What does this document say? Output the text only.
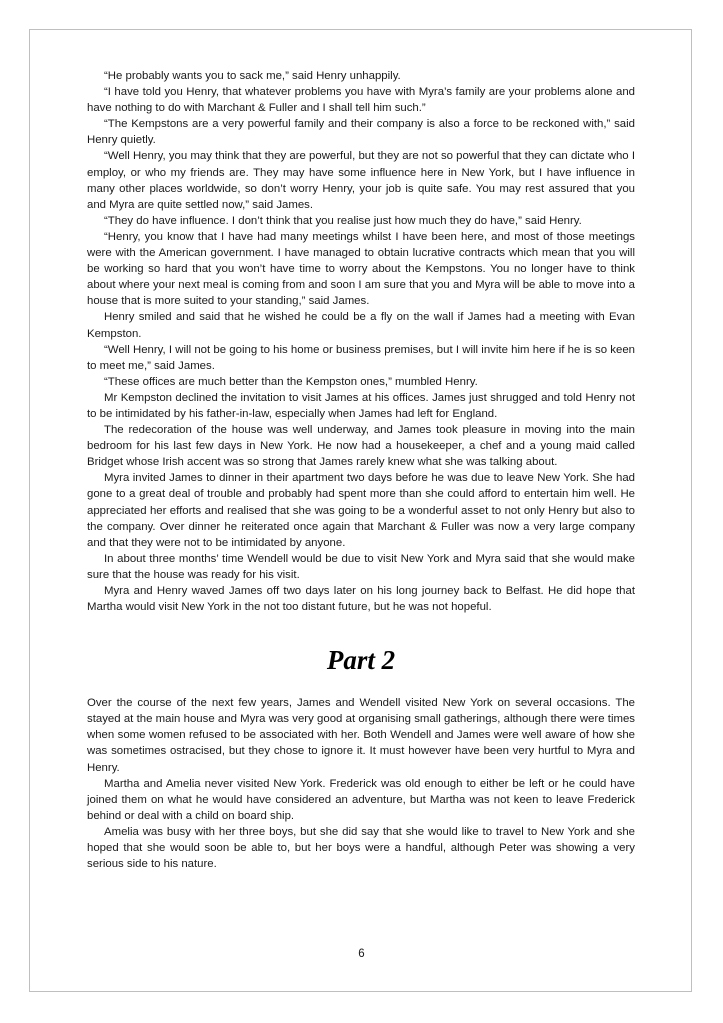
“He probably wants you to sack me,” said Henry unhappily.

“I have told you Henry, that whatever problems you have with Myra’s family are your problems alone and have nothing to do with Marchant & Fuller and I shall tell him such.”

“The Kempstons are a very powerful family and their company is also a force to be reckoned with,” said Henry quietly.

“Well Henry, you may think that they are powerful, but they are not so powerful that they can dictate who I employ, or who my friends are. They may have some influence here in New York, but I have influence in many other places worldwide, so don’t worry Henry, your job is quite safe. You may rest assured that you and Myra are quite settled now,” said James.

“They do have influence. I don’t think that you realise just how much they do have,” said Henry.

“Henry, you know that I have had many meetings whilst I have been here, and most of those meetings were with the American government. I have managed to obtain lucrative contracts which mean that you will be working so hard that you won’t have time to worry about the Kempstons. You no longer have to think about where your next meal is coming from and soon I am sure that you and Myra will be able to move into a house that is more suited to your standing,” said James.

Henry smiled and said that he wished he could be a fly on the wall if James had a meeting with Evan Kempston.

“Well Henry, I will not be going to his home or business premises, but I will invite him here if he is so keen to meet me,” said James.

“These offices are much better than the Kempston ones,” mumbled Henry.

Mr Kempston declined the invitation to visit James at his offices. James just shrugged and told Henry not to be intimidated by his father-in-law, especially when James had left for England.

The redecoration of the house was well underway, and James took pleasure in moving into the main bedroom for his last few days in New York. He now had a housekeeper, a chef and a young maid called Bridget whose Irish accent was so strong that James rarely knew what she was talking about.

Myra invited James to dinner in their apartment two days before he was due to leave New York. She had gone to a great deal of trouble and probably had spent more than she could afford to entertain him well. He appreciated her efforts and realised that she was going to be a wonderful asset to not only Henry but also to the company. Over dinner he reiterated once again that Marchant & Fuller was now a very large company and that they were not to be intimidated by anyone.

In about three months’ time Wendell would be due to visit New York and Myra said that she would make sure that the house was ready for his visit.

Myra and Henry waved James off two days later on his long journey back to Belfast. He did hope that Martha would visit New York in the not too distant future, but he was not hopeful.

Part 2

Over the course of the next few years, James and Wendell visited New York on several occasions. The stayed at the main house and Myra was very good at organising small gatherings, although there were times when some women refused to be associated with her. Both Wendell and James were well aware of how she was sometimes ostracised, but they chose to ignore it. It must however have been very hurtful to Myra and Henry.

Martha and Amelia never visited New York. Frederick was old enough to either be left or he could have joined them on what he would have considered an adventure, but Martha was not keen to leave Frederick behind or deal with a child on board ship.

Amelia was busy with her three boys, but she did say that she would like to travel to New York and she hoped that she would soon be able to, but her boys were a handful, although Peter was showing a very serious side to his nature.

6
